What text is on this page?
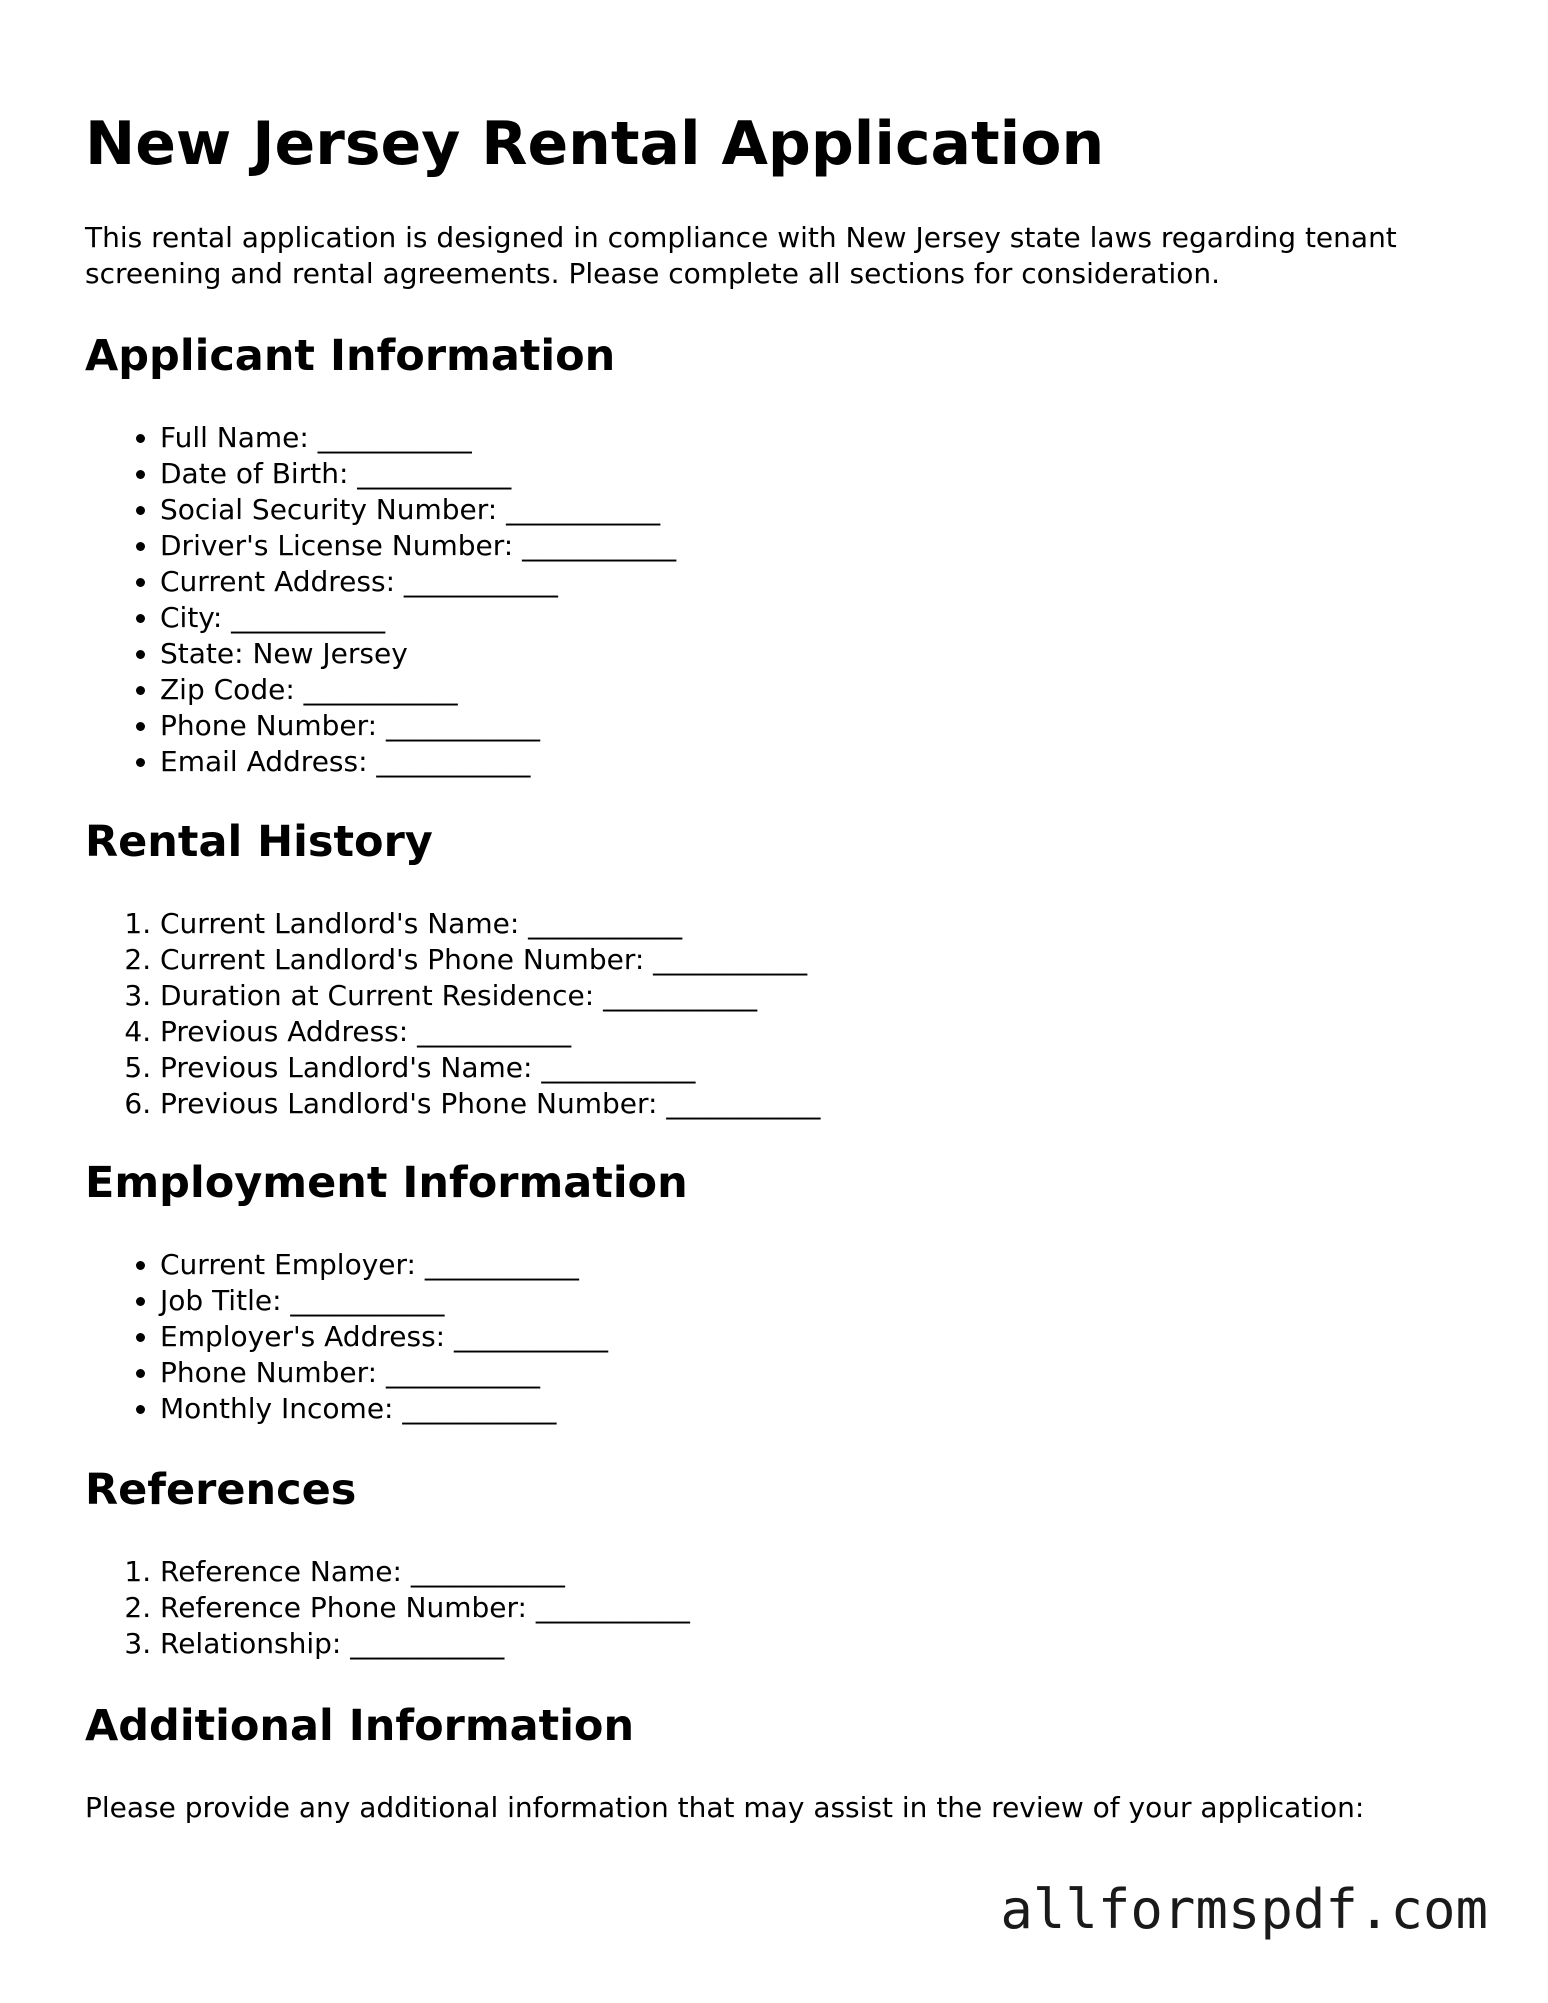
New Jersey Rental Application

This rental application is designed in compliance with New Jersey state laws regarding tenant screening and rental agreements. Please complete all sections for consideration.

Applicant Information
• Full Name: ___________
• Date of Birth: ___________
• Social Security Number: ___________
• Driver's License Number: ___________
• Current Address: ___________
• City: ___________
• State: New Jersey
• Zip Code: ___________
• Phone Number: ___________
• Email Address: ___________
Rental History
1. Current Landlord's Name: ___________
2. Current Landlord's Phone Number: ___________
3. Duration at Current Residence: ___________
4. Previous Address: ___________
5. Previous Landlord's Name: ___________
6. Previous Landlord's Phone Number: ___________
Employment Information
• Current Employer: ___________
• Job Title: ___________
• Employer's Address: ___________
• Phone Number: ___________
• Monthly Income: ___________
References
1. Reference Name: ___________
2. Reference Phone Number: ___________
3. Relationship: ___________
Additional Information

Please provide any additional information that may assist in the review of your application:

allformspdf.com
